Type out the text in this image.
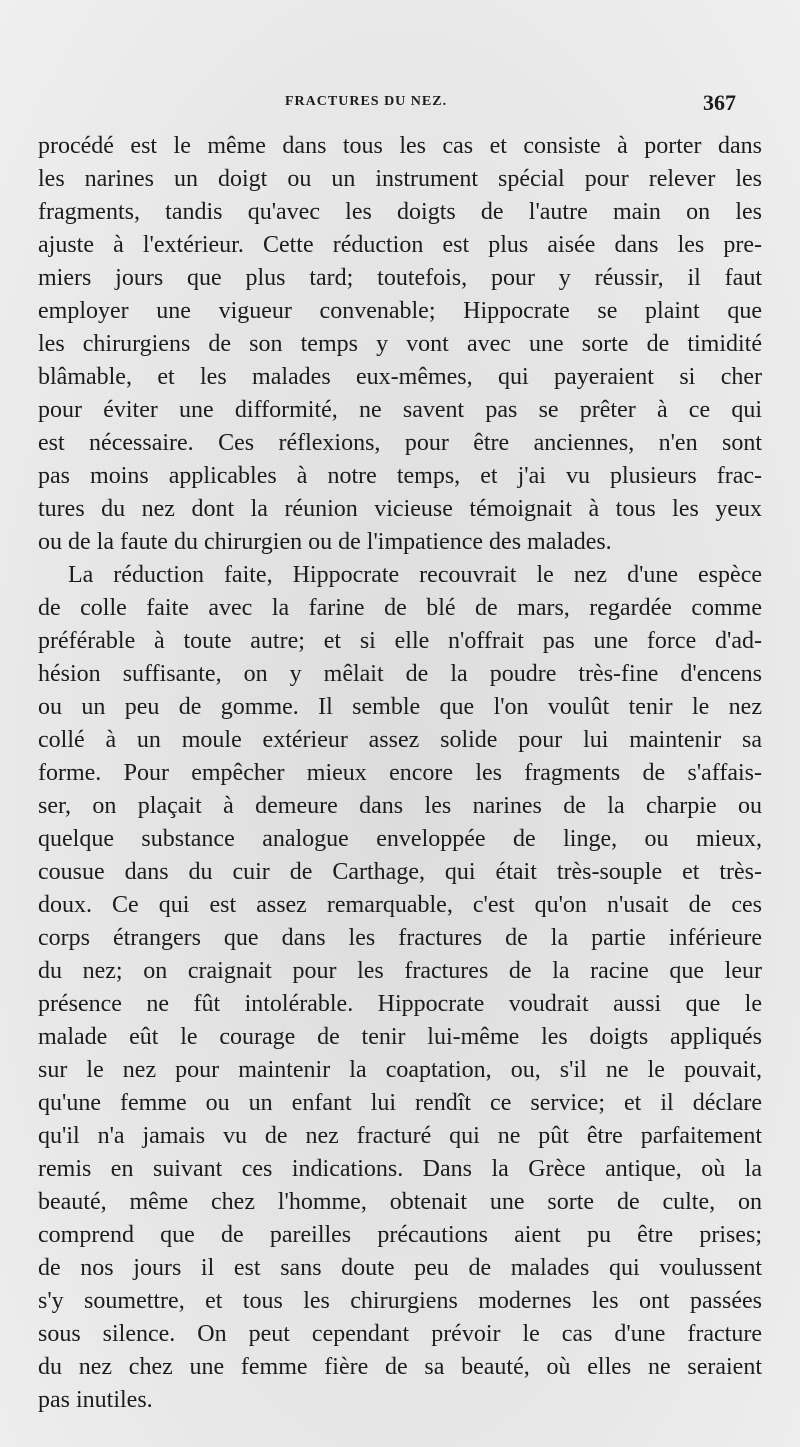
FRACTURES DU NEZ.	367
procédé est le même dans tous les cas et consiste à porter dans
les narines un doigt ou un instrument spécial pour relever les
fragments, tandis qu'avec les doigts de l'autre main on les
ajuste à l'extérieur. Cette réduction est plus aisée dans les pre-
miers jours que plus tard; toutefois, pour y réussir, il faut
employer une vigueur convenable; Hippocrate se plaint que
les chirurgiens de son temps y vont avec une sorte de timidité
blâmable, et les malades eux-mêmes, qui payeraient si cher
pour éviter une difformité, ne savent pas se prêter à ce qui
est nécessaire. Ces réflexions, pour être anciennes, n'en sont
pas moins applicables à notre temps, et j'ai vu plusieurs frac-
tures du nez dont la réunion vicieuse témoignait à tous les yeux
ou de la faute du chirurgien ou de l'impatience des malades.
La réduction faite, Hippocrate recouvrait le nez d'une espèce
de colle faite avec la farine de blé de mars, regardée comme
préférable à toute autre; et si elle n'offrait pas une force d'ad-
hésion suffisante, on y mêlait de la poudre très-fine d'encens
ou un peu de gomme. Il semble que l'on voulût tenir le nez
collé à un moule extérieur assez solide pour lui maintenir sa
forme. Pour empêcher mieux encore les fragments de s'affais-
ser, on plaçait à demeure dans les narines de la charpie ou
quelque substance analogue enveloppée de linge, ou mieux,
cousue dans du cuir de Carthage, qui était très-souple et très-
doux. Ce qui est assez remarquable, c'est qu'on n'usait de ces
corps étrangers que dans les fractures de la partie inférieure
du nez; on craignait pour les fractures de la racine que leur
présence ne fût intolérable. Hippocrate voudrait aussi que le
malade eût le courage de tenir lui-même les doigts appliqués
sur le nez pour maintenir la coaptation, ou, s'il ne le pouvait,
qu'une femme ou un enfant lui rendît ce service; et il déclare
qu'il n'a jamais vu de nez fracturé qui ne pût être parfaitement
remis en suivant ces indications. Dans la Grèce antique, où la
beauté, même chez l'homme, obtenait une sorte de culte, on
comprend que de pareilles précautions aient pu être prises;
de nos jours il est sans doute peu de malades qui voulussent
s'y soumettre, et tous les chirurgiens modernes les ont passées
sous silence. On peut cependant prévoir le cas d'une fracture
du nez chez une femme fière de sa beauté, où elles ne seraient
pas inutiles.
